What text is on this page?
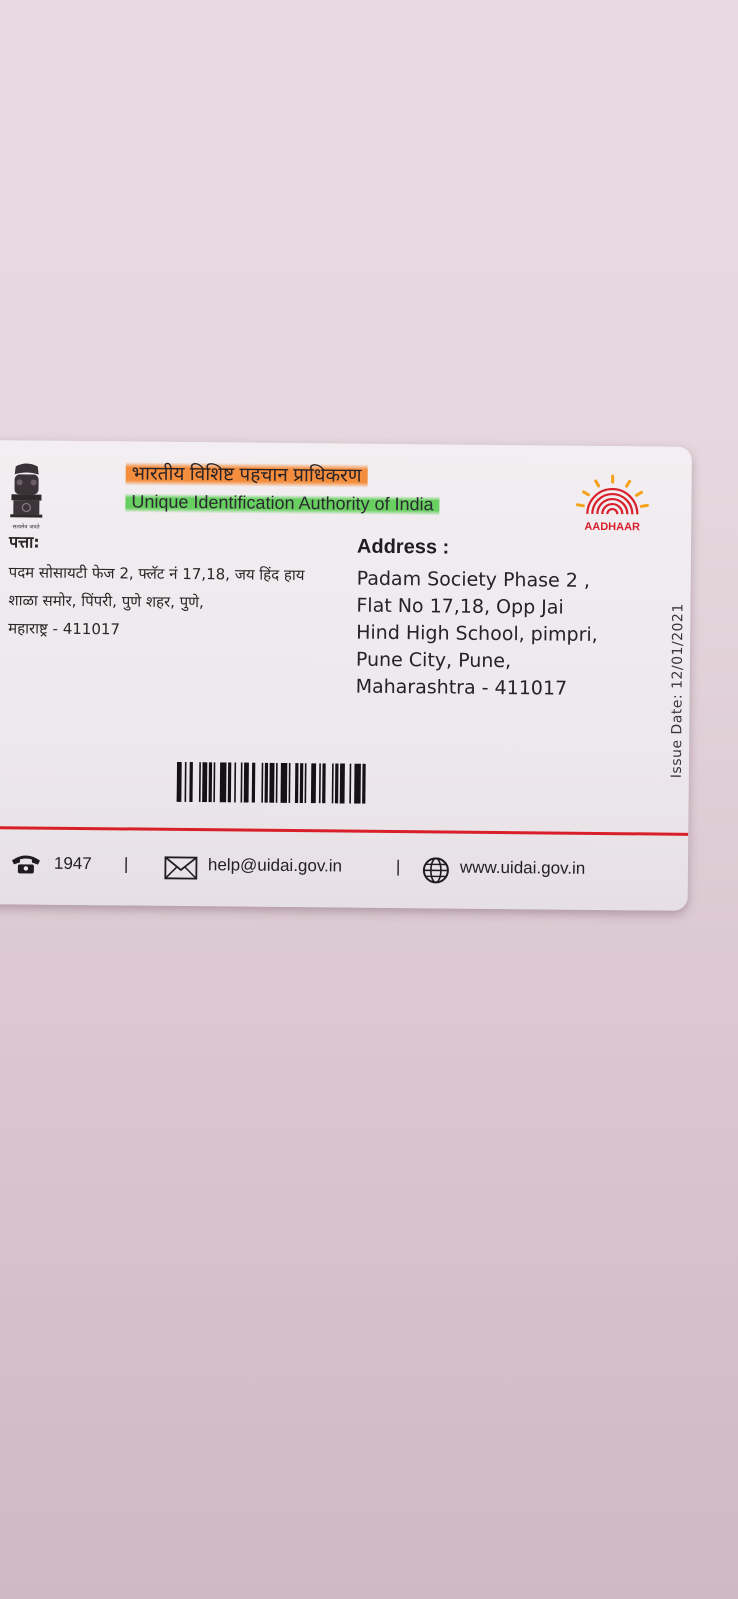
सत्यमेव जयते
भारतीय विशिष्ट पहचान प्राधिकरण
Unique Identification Authority of India
AADHAAR
पत्ता:
पदम सोसायटी फेज 2, फ्लॅट नं 17,18, जय हिंद हाय
शाळा समोर, पिंपरी, पुणे शहर, पुणे,
महाराष्ट्र - 411017
Address :
Padam Society Phase 2 ,
Flat No 17,18, Opp Jai
Hind High School, pimpri,
Pune City, Pune,
Maharashtra - 411017	Issue Date: 12/01/2021
1947 |	help@uidai.gov.in	|	www.uidai.gov.in
